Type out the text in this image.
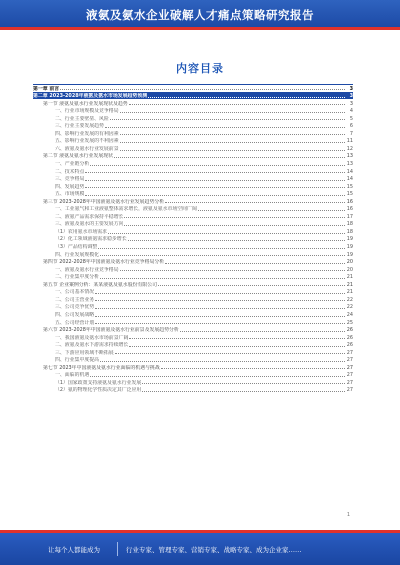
液氨及氨水企业破解人才痛点策略研究报告
内容目录
第一章 前言	3
第二章 2023-2028年液氨及氨水市场发展趋势预测	3
第一节 液氨及氨水行业发展现状及趋势	3
一、行业市场规模及竞争格局	4
二、行业主要壁垒、风险	5
三、行业主要发展趋势	6
四、影响行业发展的有利因素	7
五、影响行业发展的不利因素	11
六、液氨及氨水行业发展前景	12
第二节 液氨及氨水行业发展现状	13
一、产业链分析	13
二、技术特点	14
三、竞争格局	14
四、发展趋势	15
五、市场规模	15
第三节 2023-2028年中国液氨及氨水行业发展趋势分析	16
一、工业氨气和工业液氨整体需求增长，液氨及氨水市场空间广阔	16
二、液氨产品需求保持平稳增长	17
三、液氨及氨水的主要发展方向	18
（1）农用氨水市场需求	18
（2）化工领域液氨需求稳步增长	19
（3）产品结构调整	19
四、行业发展规模化	19
第四节 2022-2028年中国液氨及氨水行业竞争格局分析	20
一、液氨及氨水行业竞争格局	20
二、行业集中度分析	21
第五节 企业案例分析：某某液氨及氨水股份有限公司	21
一、公司基本情况	21
二、公司主营业务	22
三、公司竞争优势	22
四、公司发展战略	24
五、公司经营计划	25
第六节 2023-2028年中国液氨及氨水行业前景及发展趋势分析	26
一、我国液氨及氨水市场前景广阔	26
二、液氨及氨水下游需求持续增长	26
三、下游应用领域不断拓展	27
四、行业集中度提高	27
第七节 2023年中国液氨及氨水行业面临的机遇与挑战	27
一、面临的机遇	27
（1）国家政策支持液氨及氨水行业发展	27
（2）氨的物理化学性质决定其广泛应用	27
1
让每个人都能成为	行业专家、管理专家、营销专家、战略专家、成为企业家……
